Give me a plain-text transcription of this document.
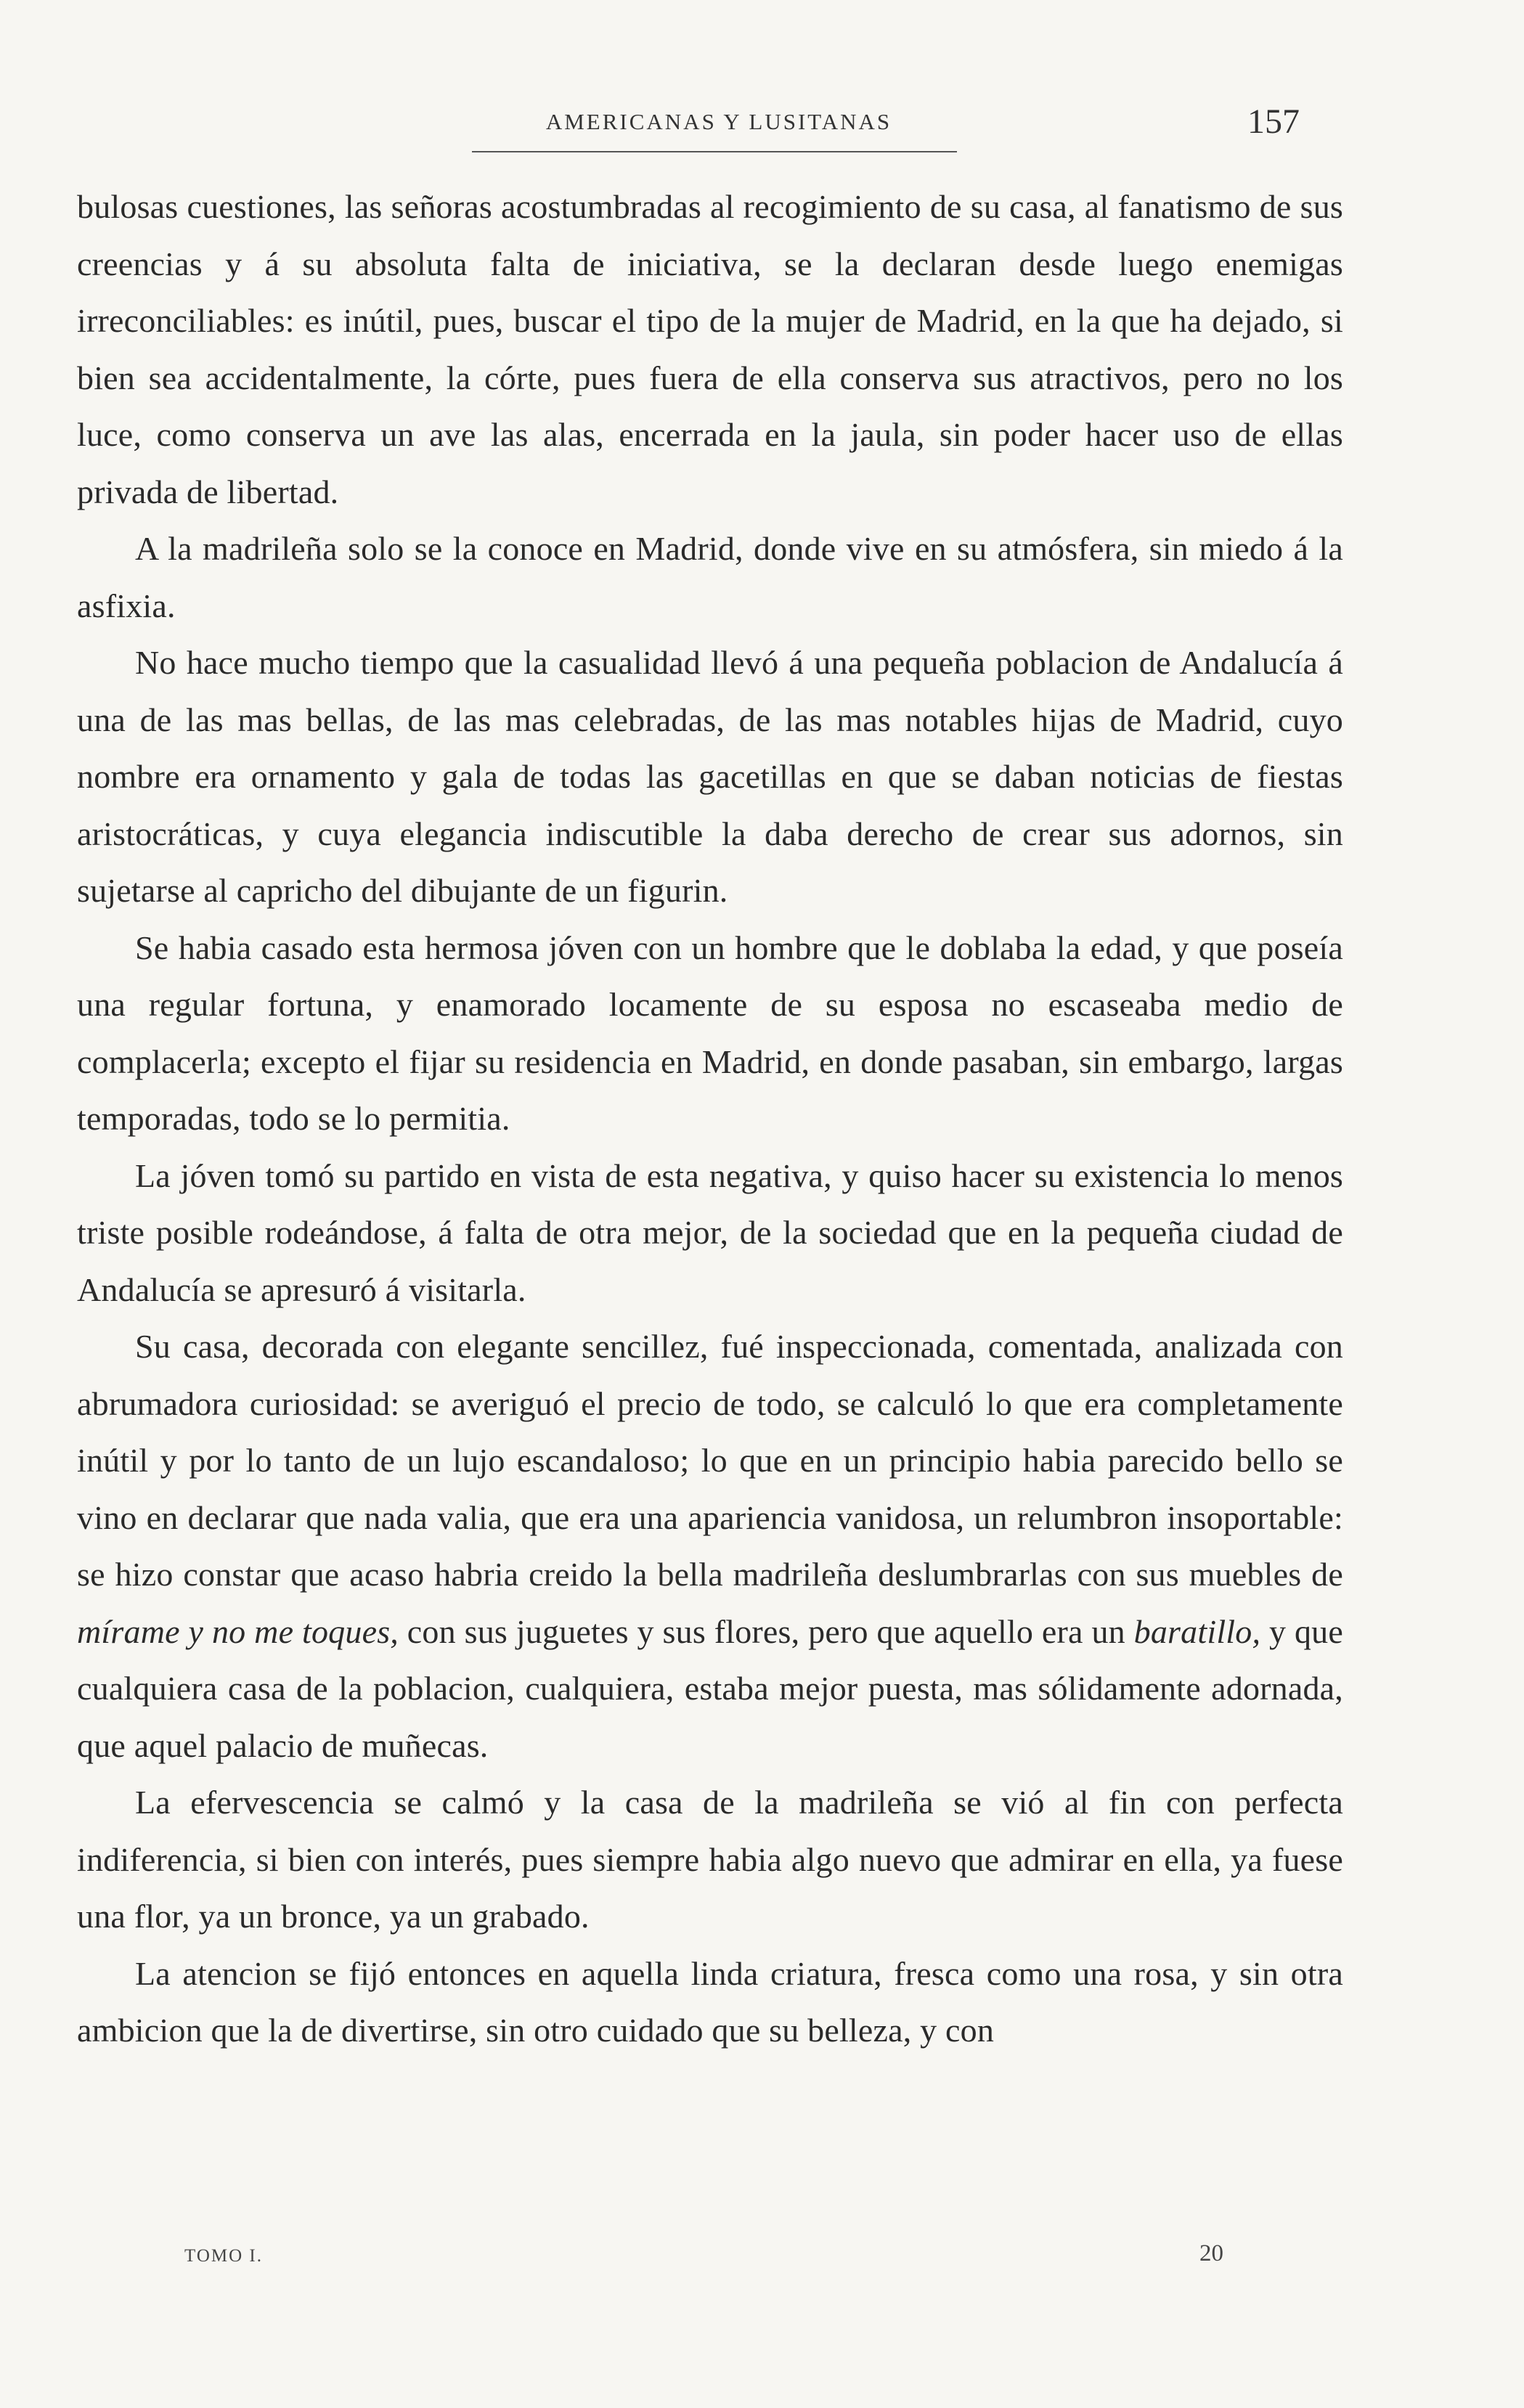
AMERICANAS Y LUSITANAS	157

bulosas cuestiones, las señoras acostumbradas al recogimiento de su casa, al fanatismo de sus creencias y á su absoluta falta de iniciativa, se la declaran desde luego enemigas irreconciliables: es inútil, pues, buscar el tipo de la mujer de Madrid, en la que ha dejado, si bien sea accidentalmente, la córte, pues fuera de ella conserva sus atractivos, pero no los luce, como conserva un ave las alas, encerrada en la jaula, sin poder hacer uso de ellas privada de libertad.

A la madrileña solo se la conoce en Madrid, donde vive en su atmósfera, sin miedo á la asfixia.

No hace mucho tiempo que la casualidad llevó á una pequeña poblacion de Andalucía á una de las mas bellas, de las mas celebradas, de las mas notables hijas de Madrid, cuyo nombre era ornamento y gala de todas las gacetillas en que se daban noticias de fiestas aristocráticas, y cuya elegancia indiscutible la daba derecho de crear sus adornos, sin sujetarse al capricho del dibujante de un figurin.

Se habia casado esta hermosa jóven con un hombre que le doblaba la edad, y que poseía una regular fortuna, y enamorado locamente de su esposa no escaseaba medio de complacerla; excepto el fijar su residencia en Madrid, en donde pasaban, sin embargo, largas temporadas, todo se lo permitia.

La jóven tomó su partido en vista de esta negativa, y quiso hacer su existencia lo menos triste posible rodeándose, á falta de otra mejor, de la sociedad que en la pequeña ciudad de Andalucía se apresuró á visitarla.

Su casa, decorada con elegante sencillez, fué inspeccionada, comentada, analizada con abrumadora curiosidad: se averiguó el precio de todo, se calculó lo que era completamente inútil y por lo tanto de un lujo escandaloso; lo que en un principio habia parecido bello se vino en declarar que nada valia, que era una apariencia vanidosa, un relumbron insoportable: se hizo constar que acaso habria creido la bella madrileña deslumbrarlas con sus muebles de mírame y no me toques, con sus juguetes y sus flores, pero que aquello era un baratillo, y que cualquiera casa de la poblacion, cualquiera, estaba mejor puesta, mas sólidamente adornada, que aquel palacio de muñecas.

La efervescencia se calmó y la casa de la madrileña se vió al fin con perfecta indiferencia, si bien con interés, pues siempre habia algo nuevo que admirar en ella, ya fuese una flor, ya un bronce, ya un grabado.

La atencion se fijó entonces en aquella linda criatura, fresca como una rosa, y sin otra ambicion que la de divertirse, sin otro cuidado que su belleza, y con

TOMO I.	20
